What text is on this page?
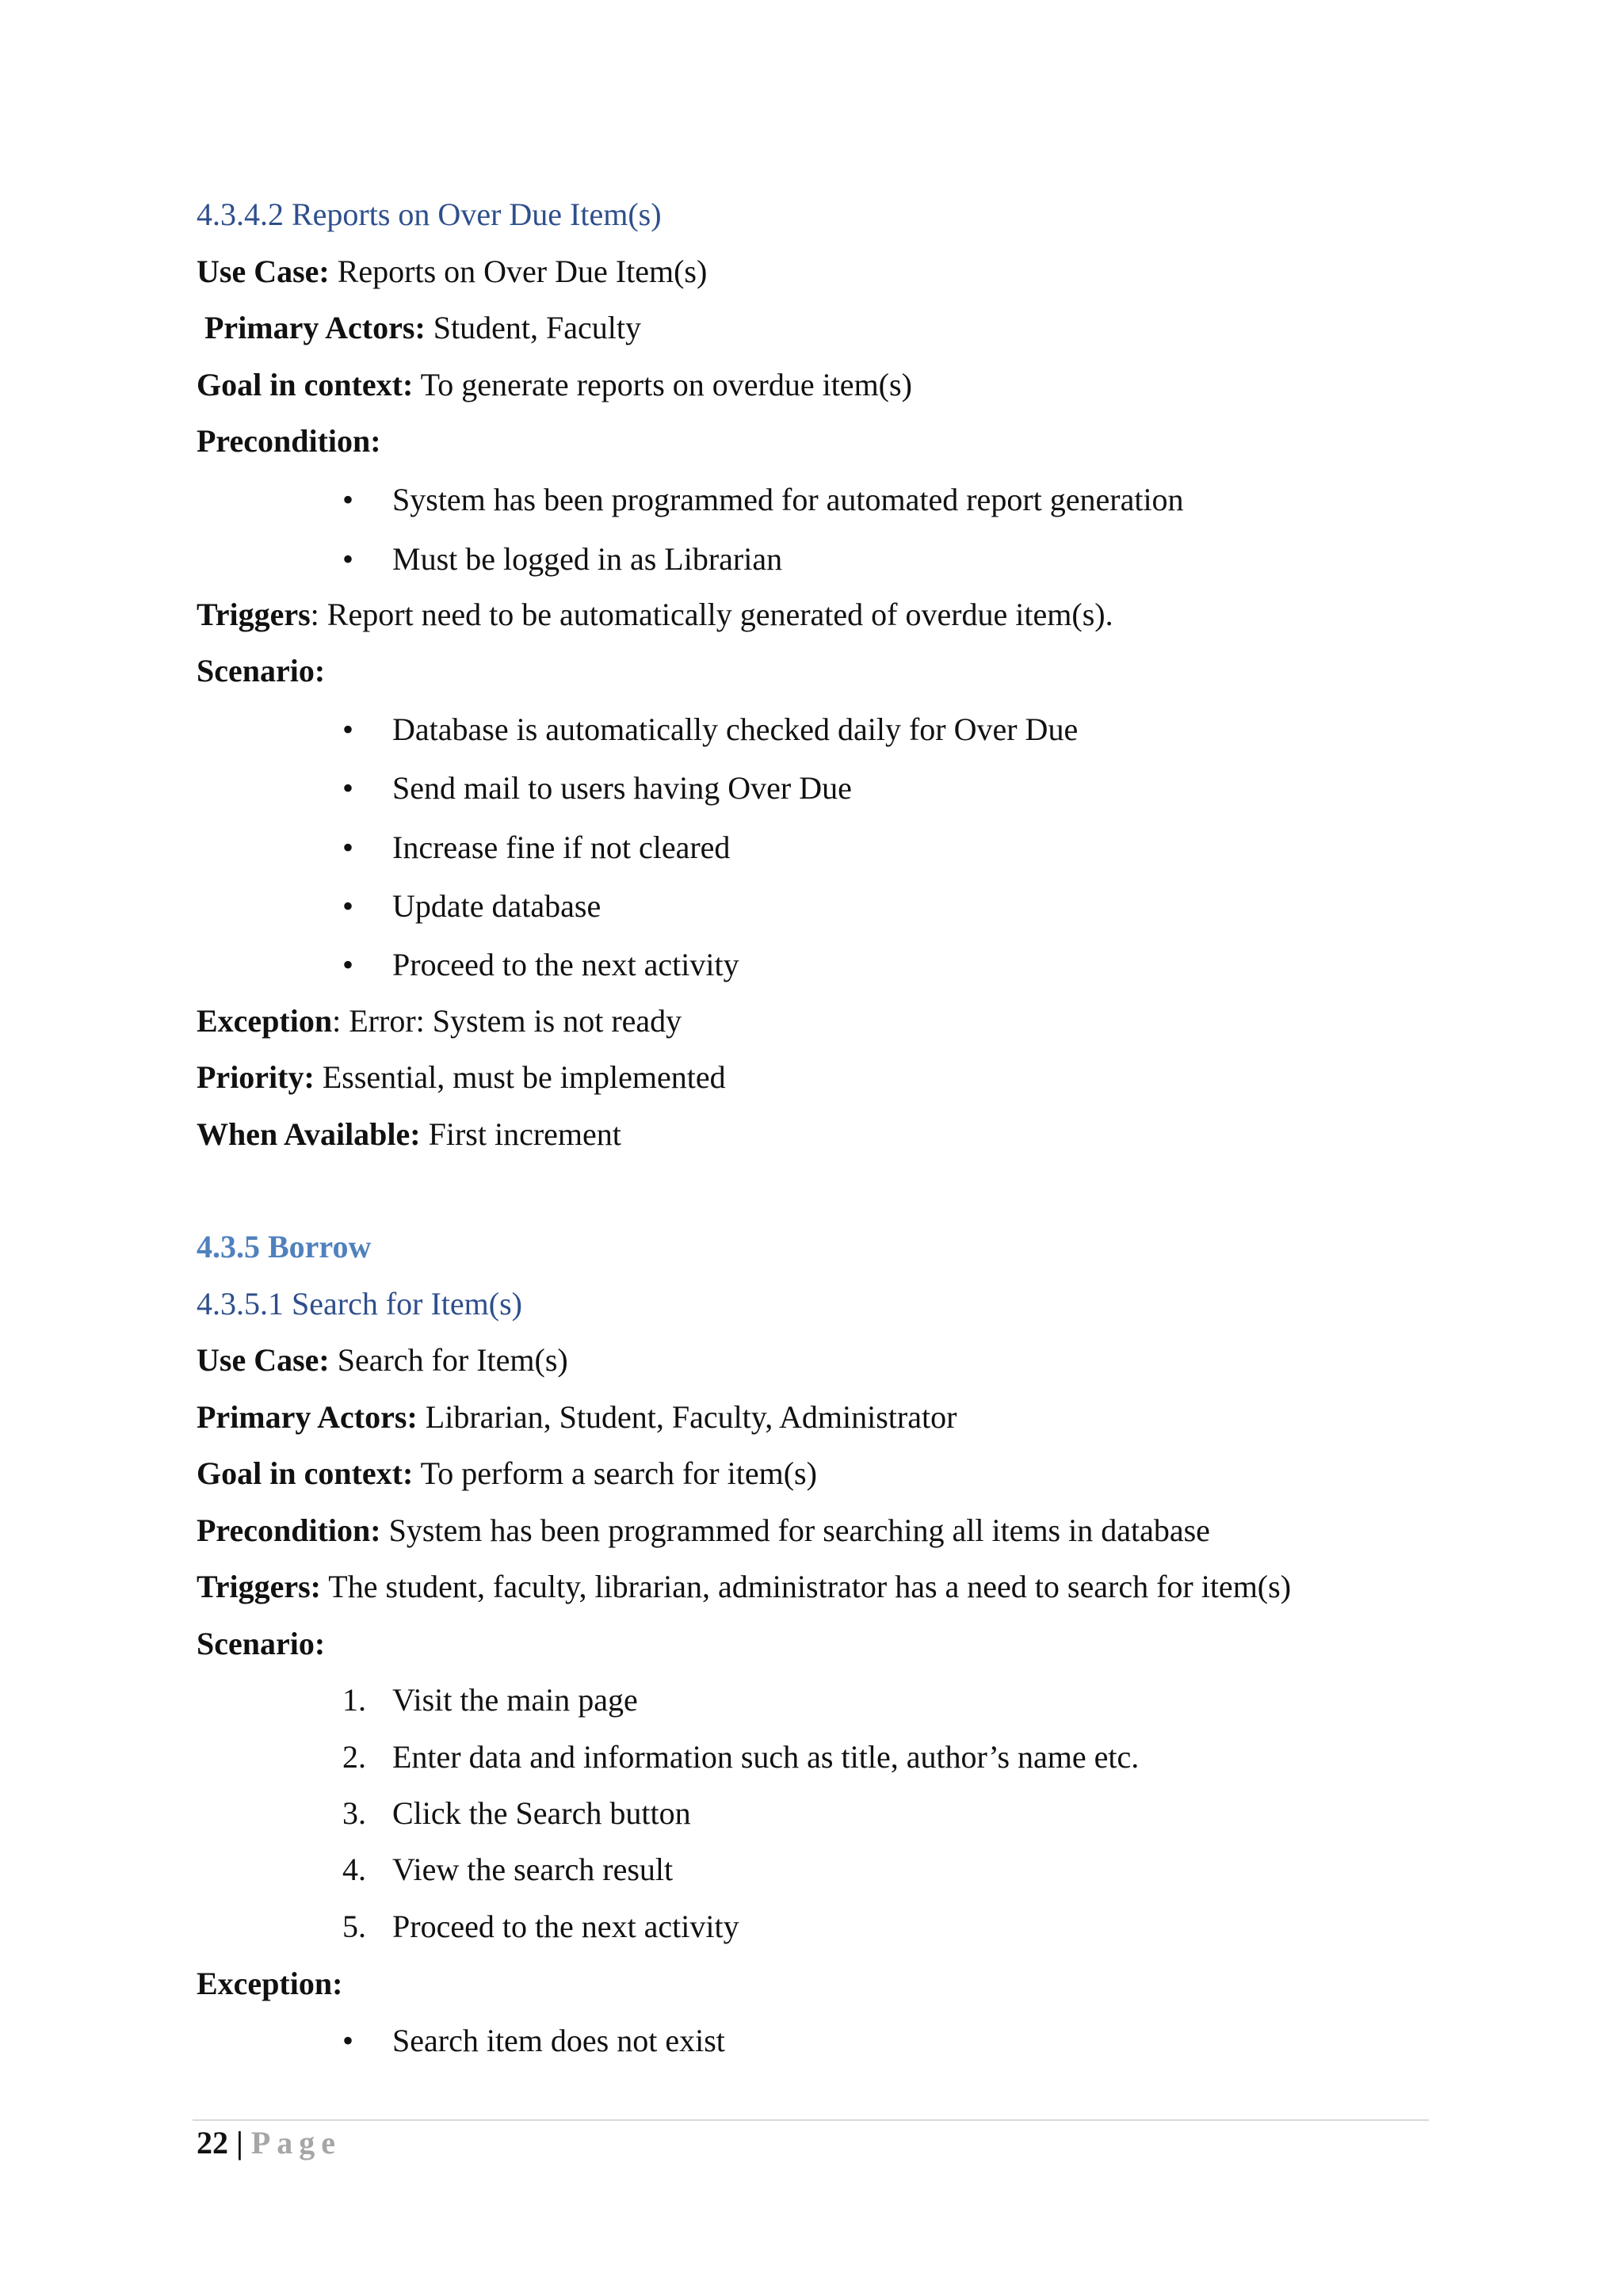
4.3.4.2 Reports on Over Due Item(s)
Use Case: Reports on Over Due Item(s)
Primary Actors: Student, Faculty
Goal in context: To generate reports on overdue item(s)
Precondition:
• System has been programmed for automated report generation
• Must be logged in as Librarian
Triggers: Report need to be automatically generated of overdue item(s).
Scenario:
• Database is automatically checked daily for Over Due
• Send mail to users having Over Due
• Increase fine if not cleared
• Update database
• Proceed to the next activity
Exception: Error: System is not ready
Priority: Essential, must be implemented
When Available: First increment
4.3.5 Borrow
4.3.5.1 Search for Item(s)
Use Case: Search for Item(s)
Primary Actors: Librarian, Student, Faculty, Administrator
Goal in context: To perform a search for item(s)
Precondition: System has been programmed for searching all items in database
Triggers: The student, faculty, librarian, administrator has a need to search for item(s)
Scenario:
1. Visit the main page
2. Enter data and information such as title, author’s name etc.
3. Click the Search button
4. View the search result
5. Proceed to the next activity
Exception:
• Search item does not exist
22 | Page
